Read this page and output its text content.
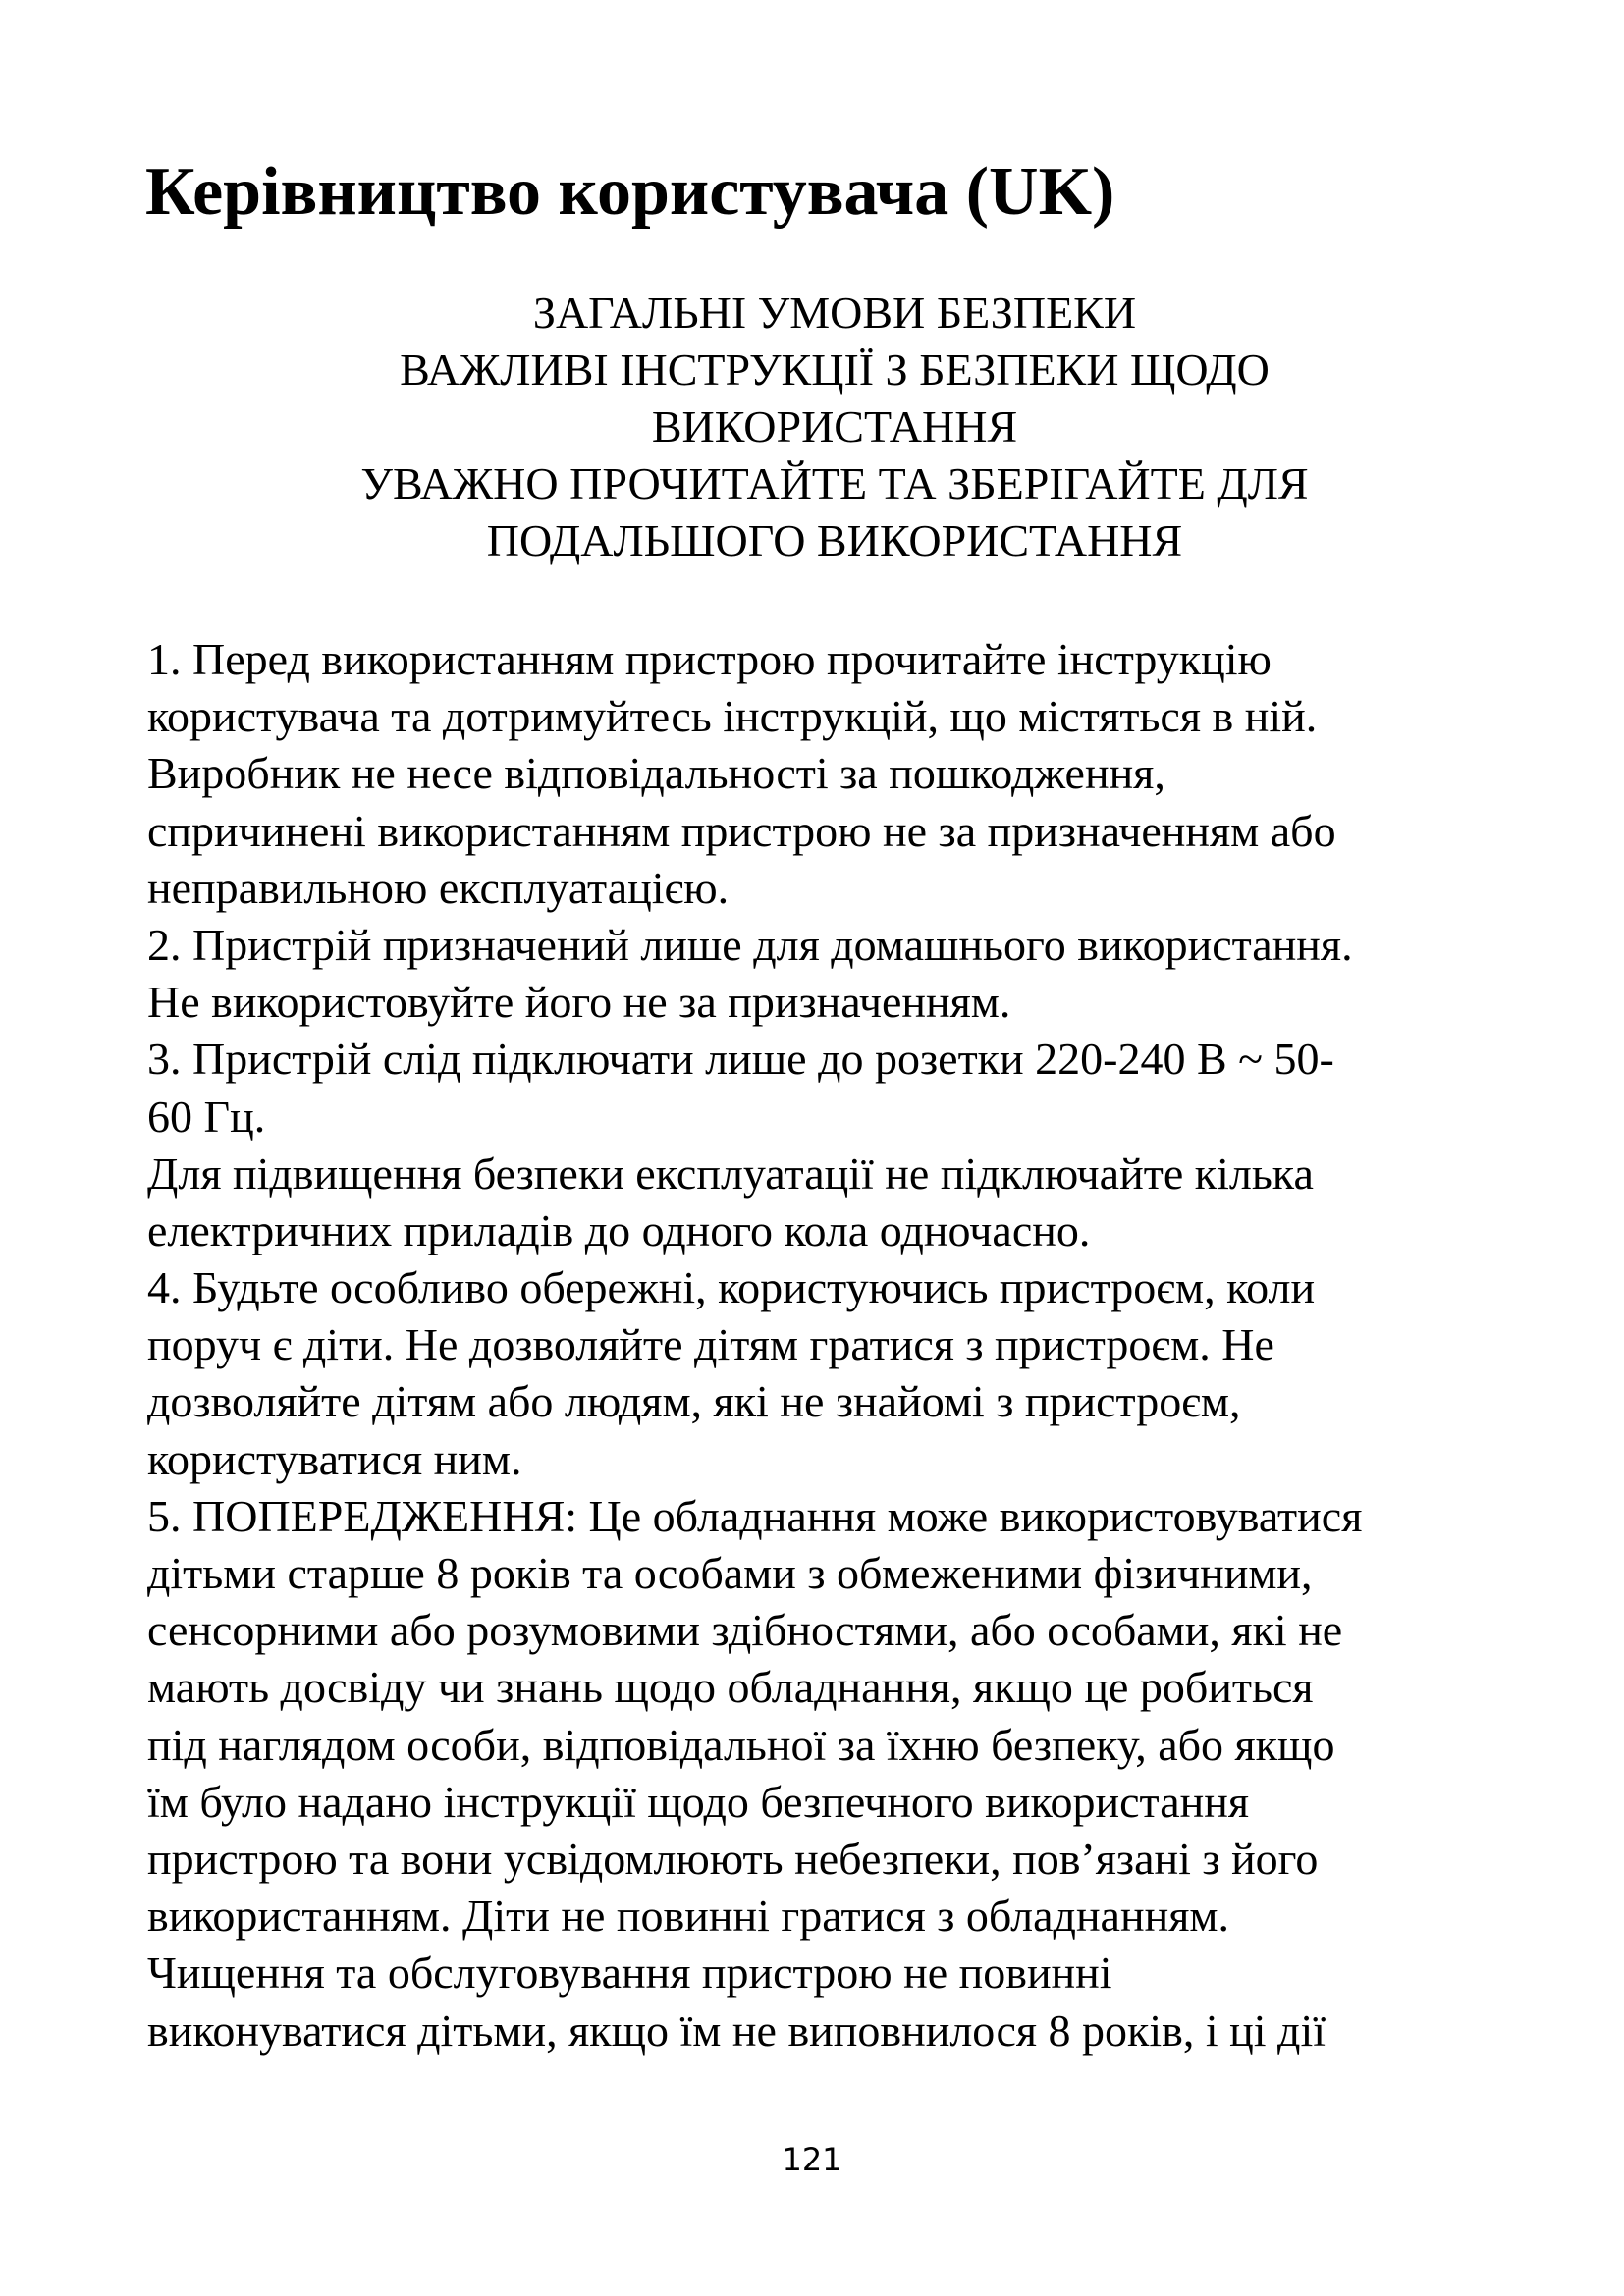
Керівництво користувача (UK)
ЗАГАЛЬНІ УМОВИ БЕЗПЕКИ
ВАЖЛИВІ ІНСТРУКЦІЇ З БЕЗПЕКИ ЩОДО
ВИКОРИСТАННЯ
УВАЖНО ПРОЧИТАЙТЕ ТА ЗБЕРІГАЙТЕ ДЛЯ
ПОДАЛЬШОГО ВИКОРИСТАННЯ
1. Перед використанням пристрою прочитайте інструкцію
користувача та дотримуйтесь інструкцій, що містяться в ній.
Виробник не несе відповідальності за пошкодження,
спричинені використанням пристрою не за призначенням або
неправильною експлуатацією.
2. Пристрій призначений лише для домашнього використання.
Не використовуйте його не за призначенням.
3. Пристрій слід підключати лише до розетки 220-240 В ~ 50-
60 Гц.
Для підвищення безпеки експлуатації не підключайте кілька
електричних приладів до одного кола одночасно.
4. Будьте особливо обережні, користуючись пристроєм, коли
поруч є діти. Не дозволяйте дітям гратися з пристроєм. Не
дозволяйте дітям або людям, які не знайомі з пристроєм,
користуватися ним.
5. ПОПЕРЕДЖЕННЯ: Це обладнання може використовуватися
дітьми старше 8 років та особами з обмеженими фізичними,
сенсорними або розумовими здібностями, або особами, які не
мають досвіду чи знань щодо обладнання, якщо це робиться
під наглядом особи, відповідальної за їхню безпеку, або якщо
їм було надано інструкції щодо безпечного використання
пристрою та вони усвідомлюють небезпеки, пов’язані з його
використанням. Діти не повинні гратися з обладнанням.
Чищення та обслуговування пристрою не повинні
виконуватися дітьми, якщо їм не виповнилося 8 років, і ці дії
121
